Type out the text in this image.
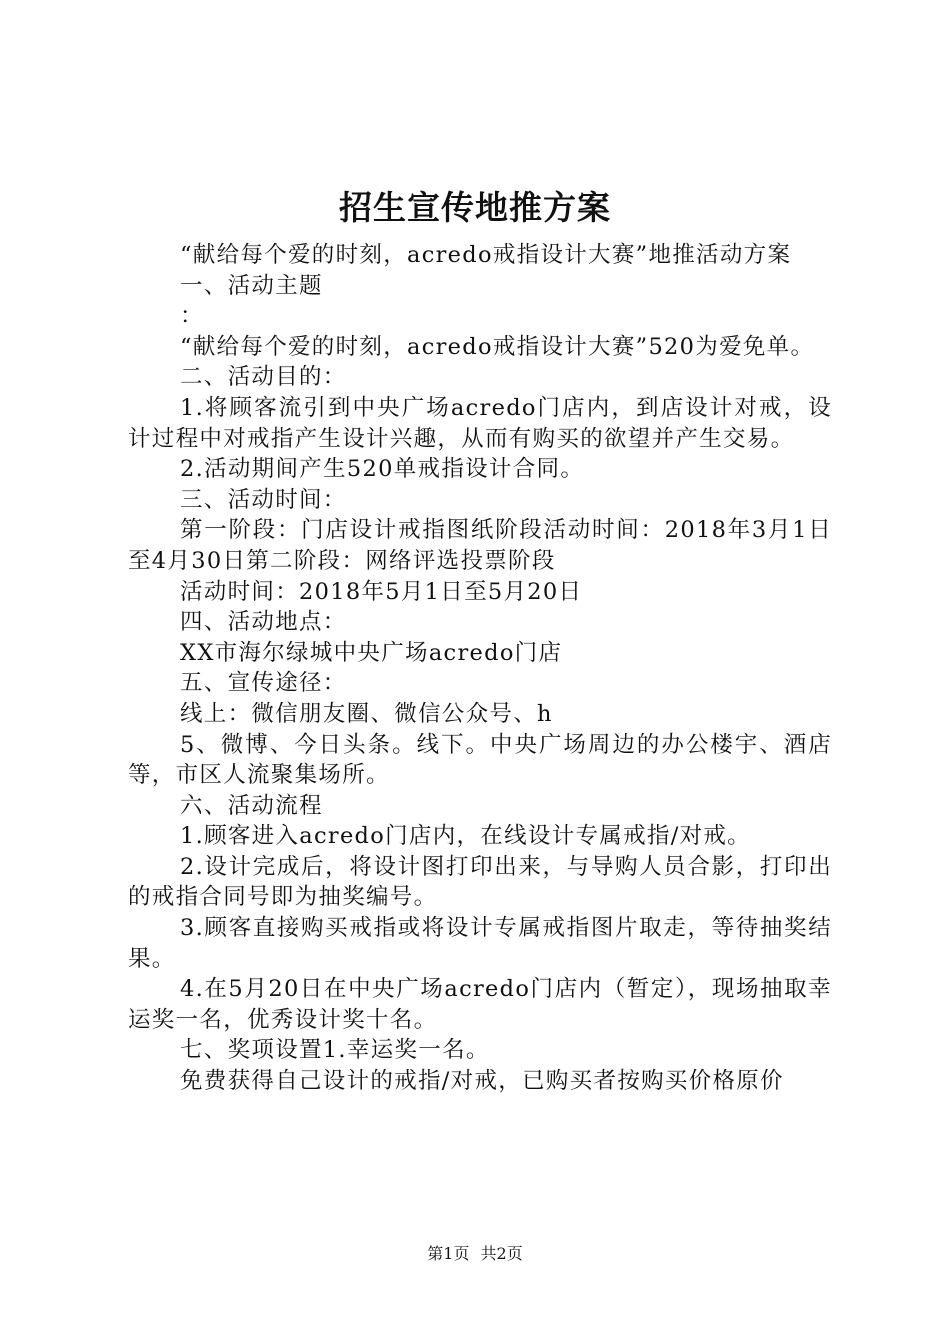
招生宣传地推方案

“献给每个爱的时刻，acredo戒指设计大赛”地推活动方案

一、活动主题

：

“献给每个爱的时刻，acredo戒指设计大赛”520为爱免单。

二、活动目的：

1.将顾客流引到中央广场acredo门店内，到店设计对戒，设计过程中对戒指产生设计兴趣，从而有购买的欲望并产生交易。

2.活动期间产生520单戒指设计合同。

三、活动时间：

第一阶段：门店设计戒指图纸阶段活动时间：2018年3月1日至4月30日第二阶段：网络评选投票阶段

活动时间：2018年5月1日至5月20日

四、活动地点：

XX市海尔绿城中央广场acredo门店

五、宣传途径：

线上：微信朋友圈、微信公众号、h

5、微博、今日头条。线下。中央广场周边的办公楼宇、酒店等，市区人流聚集场所。

六、活动流程

1.顾客进入acredo门店内，在线设计专属戒指/对戒。

2.设计完成后，将设计图打印出来，与导购人员合影，打印出的戒指合同号即为抽奖编号。

3.顾客直接购买戒指或将设计专属戒指图片取走，等待抽奖结果。

4.在5月20日在中央广场acredo门店内（暂定），现场抽取幸运奖一名，优秀设计奖十名。

七、奖项设置1.幸运奖一名。

免费获得自己设计的戒指/对戒，已购买者按购买价格原价

第1页 共2页
